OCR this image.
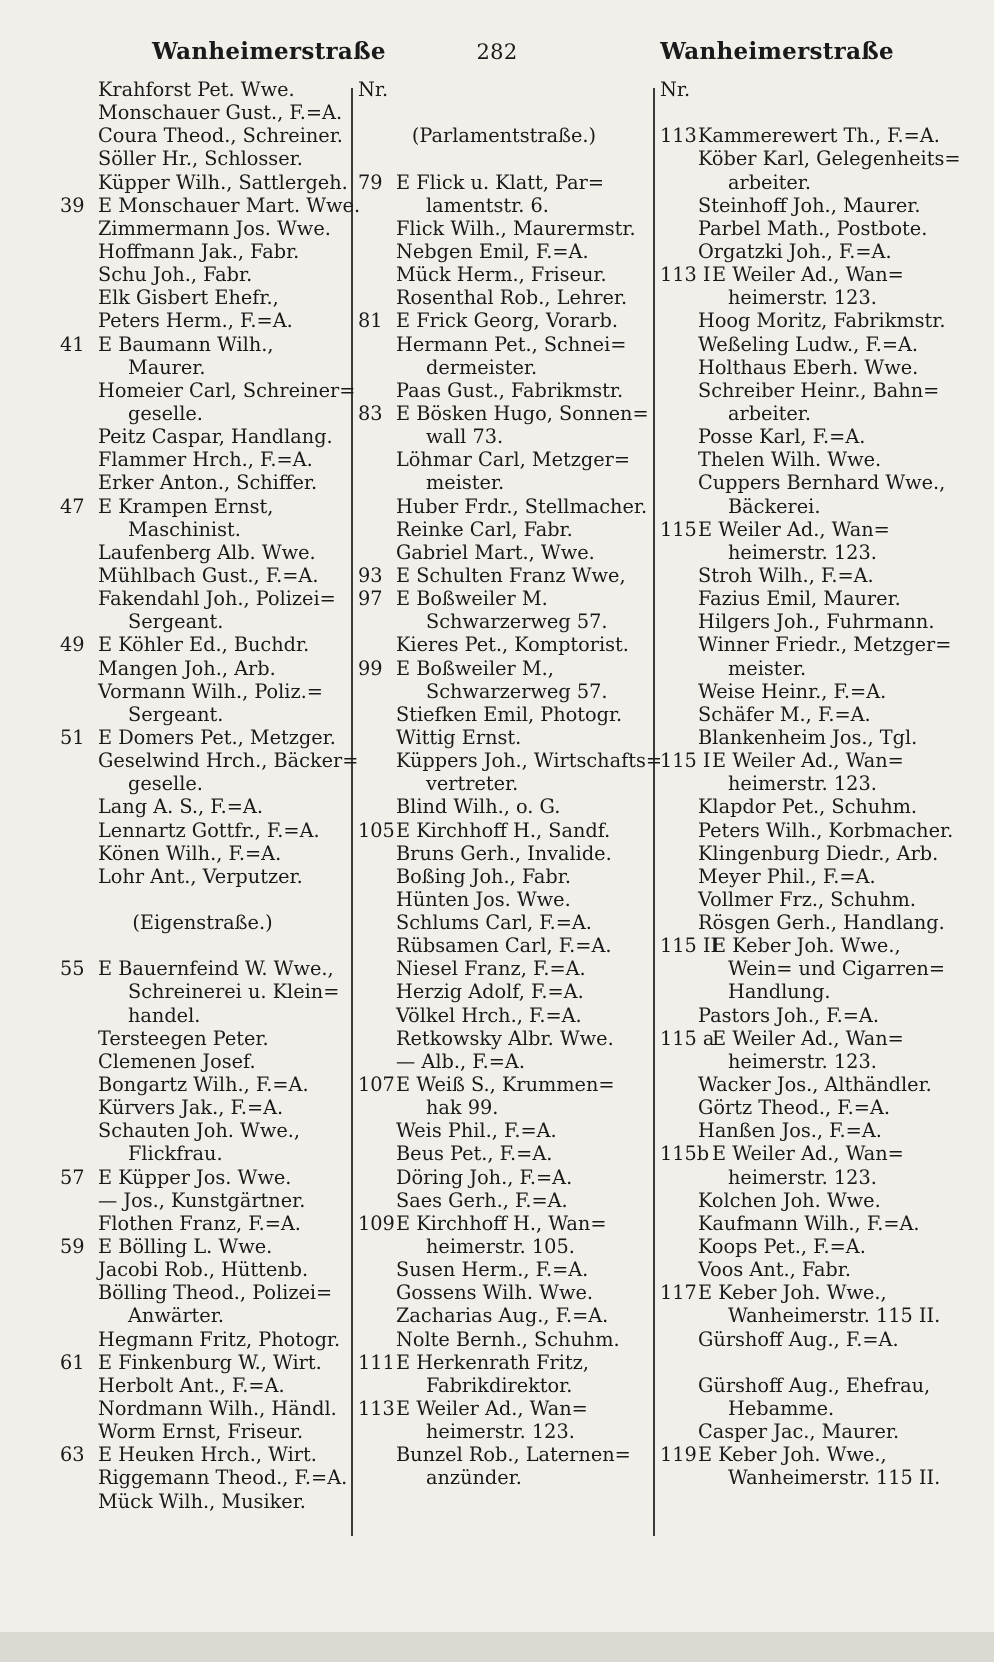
Wanheimerstraße	282	Wanheimerstraße
Krahforst Pet. Wwe.
Monschauer Gust., F.=A.
Coura Theod., Schreiner.
Söller Hr., Schlosser.
Küpper Wilh., Sattlergeh.
39 E Monschauer Mart. Wwe.
Zimmermann Jos. Wwe.
Hoffmann Jak., Fabr.
Schu Joh., Fabr.
Elk Gisbert Ehefr.,
Peters Herm., F.=A.
41 E Baumann Wilh.,
Maurer.
Homeier Carl, Schreiner=
geselle.
Peitz Caspar, Handlang.
Flammer Hrch., F.=A.
Erker Anton., Schiffer.
47 E Krampen Ernst,
Maschinist.
Laufenberg Alb. Wwe.
Mühlbach Gust., F.=A.
Fakendahl Joh., Polizei=
Sergeant.
49 E Köhler Ed., Buchdr.
Mangen Joh., Arb.
Vormann Wilh., Poliz.=
Sergeant.
51 E Domers Pet., Metzger.
Geselwind Hrch., Bäcker=
geselle.
Lang A. S., F.=A.
Lennartz Gottfr., F.=A.
Könen Wilh., F.=A.
Lohr Ant., Verputzer.
(Eigenstraße.)
55 E Bauernfeind W. Wwe.,
Schreinerei u. Klein=
handel.
Tersteegen Peter.
Clemenen Josef.
Bongartz Wilh., F.=A.
Kürvers Jak., F.=A.
Schauten Joh. Wwe.,
Flickfrau.
57 E Küpper Jos. Wwe.
— Jos., Kunstgärtner.
Flothen Franz, F.=A.
59 E Bölling L. Wwe.
Jacobi Rob., Hüttenb.
Bölling Theod., Polizei=
Anwärter.
Hegmann Fritz, Photogr.
61 E Finkenburg W., Wirt.
Herbolt Ant., F.=A.
Nordmann Wilh., Händl.
Worm Ernst, Friseur.
63 E Heuken Hrch., Wirt.
Riggemann Theod., F.=A.
Mück Wilh., Musiker.
Nr.
(Parlamentstraße.)
79 E Flick u. Klatt, Par=
lamentstr. 6.
Flick Wilh., Maurermstr.
Nebgen Emil, F.=A.
Mück Herm., Friseur.
Rosenthal Rob., Lehrer.
81 E Frick Georg, Vorarb.
Hermann Pet., Schnei=
dermeister.
Paas Gust., Fabrikmstr.
83 E Bösken Hugo, Sonnen=
wall 73.
Löhmar Carl, Metzger=
meister.
Huber Frdr., Stellmacher.
Reinke Carl, Fabr.
Gabriel Mart., Wwe.
93 E Schulten Franz Wwe,
97 E Boßweiler M.
Schwarzerweg 57.
Kieres Pet., Komptorist.
99 E Boßweiler M.,
Schwarzerweg 57.
Stiefken Emil, Photogr.
Wittig Ernst.
Küppers Joh., Wirtschafts=
vertreter.
Blind Wilh., o. G.
105E Kirchhoff H., Sandf.
Bruns Gerh., Invalide.
Boßing Joh., Fabr.
Hünten Jos. Wwe.
Schlums Carl, F.=A.
Rübsamen Carl, F.=A.
Niesel Franz, F.=A.
Herzig Adolf, F.=A.
Völkel Hrch., F.=A.
Retkowsky Albr. Wwe.
— Alb., F.=A.
107E Weiß S., Krummen=
hak 99.
Weis Phil., F.=A.
Beus Pet., F.=A.
Döring Joh., F.=A.
Saes Gerh., F.=A.
109E Kirchhoff H., Wan=
heimerstr. 105.
Susen Herm., F.=A.
Gossens Wilh. Wwe.
Zacharias Aug., F.=A.
Nolte Bernh., Schuhm.
111E Herkenrath Fritz,
Fabrikdirektor.
113E Weiler Ad., Wan=
heimerstr. 123.
Bunzel Rob., Laternen=
anzünder.
Nr.
113Kammerewert Th., F.=A.
Köber Karl, Gelegenheits=
arbeiter.
Steinhoff Joh., Maurer.
Parbel Math., Postbote.
Orgatzki Joh., F.=A.
113 IE Weiler Ad., Wan=
heimerstr. 123.
Hoog Moritz, Fabrikmstr.
Weßeling Ludw., F.=A.
Holthaus Eberh. Wwe.
Schreiber Heinr., Bahn=
arbeiter.
Posse Karl, F.=A.
Thelen Wilh. Wwe.
Cuppers Bernhard Wwe.,
Bäckerei.
115E Weiler Ad., Wan=
heimerstr. 123.
Stroh Wilh., F.=A.
Fazius Emil, Maurer.
Hilgers Joh., Fuhrmann.
Winner Friedr., Metzger=
meister.
Weise Heinr., F.=A.
Schäfer M., F.=A.
Blankenheim Jos., Tgl.
115 IE Weiler Ad., Wan=
heimerstr. 123.
Klapdor Pet., Schuhm.
Peters Wilh., Korbmacher.
Klingenburg Diedr., Arb.
Meyer Phil., F.=A.
Vollmer Frz., Schuhm.
Rösgen Gerh., Handlang.
115 IIE Keber Joh. Wwe.,
Wein= und Cigarren=
Handlung.
Pastors Joh., F.=A.
115 aE Weiler Ad., Wan=
heimerstr. 123.
Wacker Jos., Althändler.
Görtz Theod., F.=A.
Hanßen Jos., F.=A.
115b E Weiler Ad., Wan=
heimerstr. 123.
Kolchen Joh. Wwe.
Kaufmann Wilh., F.=A.
Koops Pet., F.=A.
Voos Ant., Fabr.
117E Keber Joh. Wwe.,
Wanheimerstr. 115 II.
Gürshoff Aug., F.=A.
Gürshoff Aug., Ehefrau,
Hebamme.
Casper Jac., Maurer.
119E Keber Joh. Wwe.,
Wanheimerstr. 115 II.
